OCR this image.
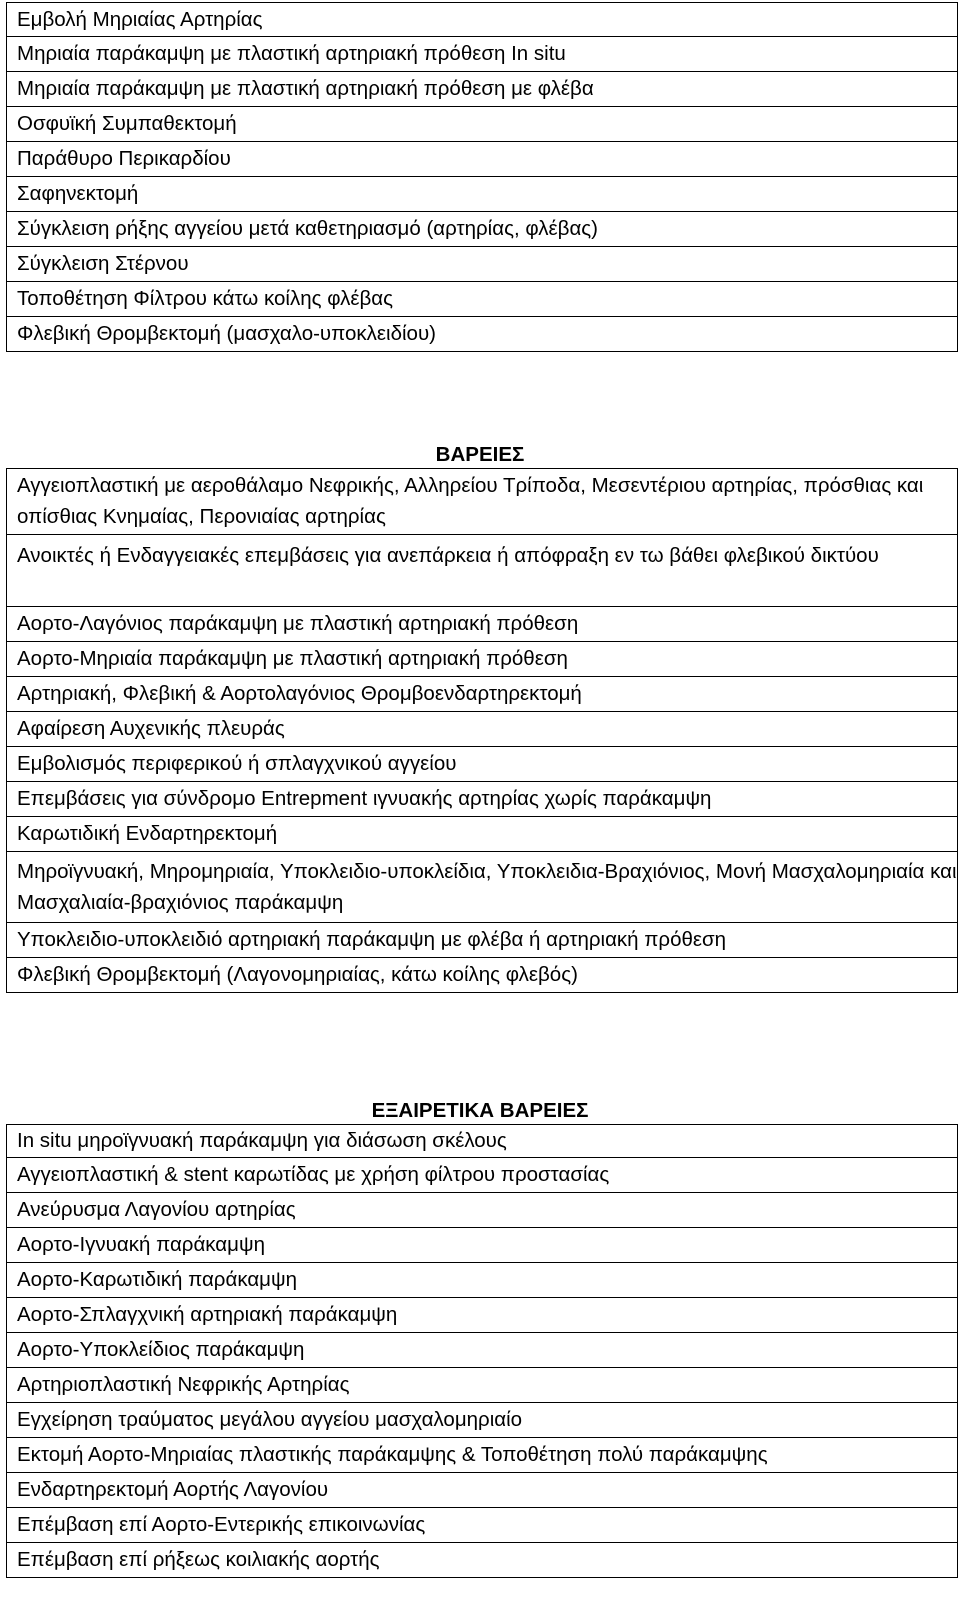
Εμβολή Μηριαίας Αρτηρίας
Μηριαία παράκαμψη με πλαστική αρτηριακή πρόθεση In situ
Μηριαία παράκαμψη με πλαστική αρτηριακή πρόθεση με φλέβα
Οσφυϊκή Συμπαθεκτομή
Παράθυρο Περικαρδίου
Σαφηνεκτομή
Σύγκλειση ρήξης αγγείου μετά καθετηριασμό (αρτηρίας, φλέβας)
Σύγκλειση Στέρνου
Τοποθέτηση Φίλτρου κάτω κοίλης φλέβας
Φλεβική Θρομβεκτομή (μασχαλο-υποκλειδίου)
ΒΑΡΕΙΕΣ
Αγγειοπλαστική με αεροθάλαμο Νεφρικής, Αλληρείου Τρίποδα, Μεσεντέριου αρτηρίας, πρόσθιας και οπίσθιας Κνημαίας, Περονιαίας αρτηρίας
Ανοικτές ή Ενδαγγειακές επεμβάσεις για ανεπάρκεια ή απόφραξη εν τω βάθει φλεβικού δικτύου
Αορτο-Λαγόνιος παράκαμψη με πλαστική αρτηριακή πρόθεση
Αορτο-Μηριαία παράκαμψη με πλαστική αρτηριακή πρόθεση
Αρτηριακή, Φλεβική & Αορτολαγόνιος Θρομβοενδαρτηρεκτομή
Αφαίρεση Αυχενικής πλευράς
Εμβολισμός περιφερικού ή σπλαγχνικού αγγείου
Επεμβάσεις για σύνδρομο Entrepment ιγνυακής αρτηρίας χωρίς παράκαμψη
Καρωτιδική Ενδαρτηρεκτομή
Μηροϊγνυακή, Μηρομηριαία, Υποκλειδιο-υποκλείδια, Υποκλειδια-Βραχιόνιος, Μονή Μασχαλομηριαία και Μασχαλιαία-βραχιόνιος παράκαμψη
Υποκλειδιο-υποκλειδιό αρτηριακή παράκαμψη με φλέβα ή αρτηριακή πρόθεση
Φλεβική Θρομβεκτομή (Λαγονομηριαίας, κάτω κοίλης φλεβός)
ΕΞΑΙΡΕΤΙΚΑ ΒΑΡΕΙΕΣ
In situ μηροϊγνυακή παράκαμψη για διάσωση σκέλους
Αγγειοπλαστική & stent καρωτίδας με χρήση φίλτρου προστασίας
Ανεύρυσμα Λαγονίου αρτηρίας
Αορτο-Ιγνυακή παράκαμψη
Αορτο-Καρωτιδική παράκαμψη
Αορτο-Σπλαγχνική αρτηριακή παράκαμψη
Αορτο-Υποκλείδιος παράκαμψη
Αρτηριοπλαστική Νεφρικής Αρτηρίας
Εγχείρηση τραύματος μεγάλου αγγείου μασχαλομηριαίο
Εκτομή Αορτο-Μηριαίας πλαστικής παράκαμψης & Τοποθέτηση πολύ παράκαμψης
Ενδαρτηρεκτομή Αορτής Λαγονίου
Επέμβαση επί Αορτο-Εντερικής επικοινωνίας
Επέμβαση επί ρήξεως κοιλιακής αορτής
